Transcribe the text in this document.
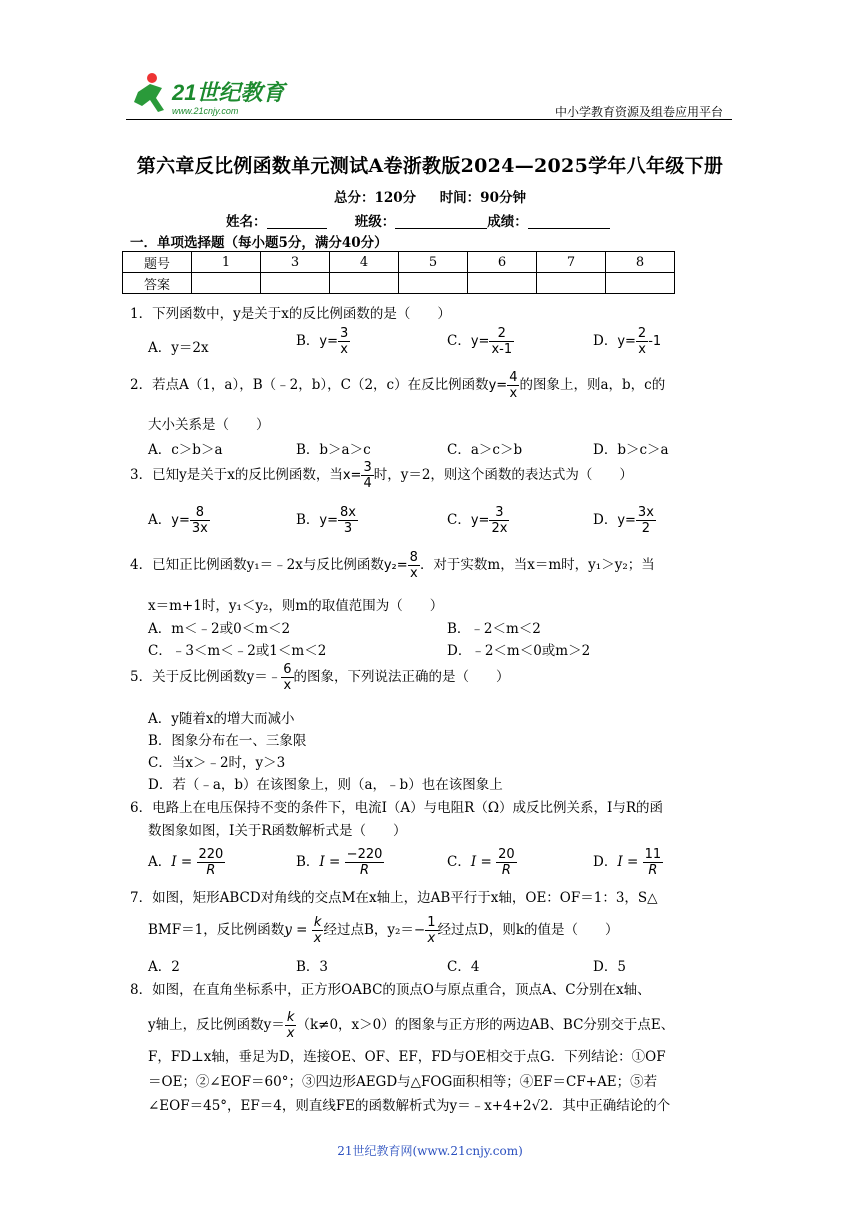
21世纪教育
www.21cnjy.com	中小学教育资源及组卷应用平台
第六章反比例函数单元测试A卷浙教版2024—2025学年八年级下册
总分：120分 时间：90分钟
姓名：	班级：	成绩：
一．单项选择题（每小题5分，满分40分）
题号	1	3	4	5	6	7	8
答案							
1．下列函数中，y是关于x的反比例函数的是（　　）
A．y＝2x	B．$y= \frac{3}{x}$	C．$y= \frac{2}{x-1}$	D．$y= \frac{2}{x} -1$
2．若点A（1，a），B（﹣2，b），C（2，c）在反比例函数$y= \frac{4}{x}$ 的图象上，则a，b，c的
大小关系是（　　）
A．c＞b＞a	B．b＞a＞c	C．a＞c＞b	D．b＞c＞a
3．已知y是关于x的反比例函数，当$x= \frac{3}{4}$ 时，y＝2，则这个函数的表达式为（　　）
A．$y= \frac{8}{3x}$	B．$y= \frac{8x}{3}$	C．$y= \frac{3}{2x}$	D．$y= \frac{3x}{2}$
4．已知正比例函数y₁＝﹣2x与反比例函数$y_2= \frac{8}{x}$ ．对于实数m，当x＝m时，y₁＞y₂；当
x＝m+1时，y₁＜y₂，则m的取值范围为（　　）
A．m＜﹣2或0＜m＜2	B．﹣2＜m＜2
C．﹣3＜m＜﹣2或1＜m＜2	D．﹣2＜m＜0或m＞2
5．关于反比例函数y＝﹣ $\frac{6}{x}$ 的图象，下列说法正确的是（　　）
A．y随着x的增大而减小
B．图象分布在一、三象限
C．当x＞﹣2时，y＞3
D．若（﹣a，b）在该图象上，则（a，﹣b）也在该图象上
6．电路上在电压保持不变的条件下，电流I（A）与电阻R（Ω）成反比例关系，I与R的函
数图象如图，I关于R函数解析式是（　　）
A．$I = \frac{220}{R}$	B．$I = \frac{-220}{R}$	C．$I = \frac{20}{R}$	D．$I = \frac{11}{R}$
7．如图，矩形ABCD对角线的交点M在x轴上，边AB平行于x轴，OE：OF＝1：3，S△
BMF＝1，反比例函数$y = \frac{k}{x}$ 经过点B，$y_2=- \frac{1}{x}$ 经过点D，则k的值是（　　）
A．2	B．3	C．4	D．5
8．如图，在直角坐标系中，正方形OABC的顶点O与原点重合，顶点A、C分别在x轴、
y轴上，反比例函数$y= \frac{k}{x} (k\ne 0$，x＞0）的图象与正方形的两边AB、BC分别交于点E、
F，FD⊥x轴，垂足为D，连接OE、OF、EF，FD与OE相交于点G．下列结论：①OF
＝OE；②∠EOF＝60°；③四边形AEGD与△FOG面积相等；④EF＝CF+AE；⑤若
∠EOF＝45°，EF＝4，则直线FE的函数解析式为y＝﹣x+4+2√2．其中正确结论的个
21世纪教育网(www.21cnjy.com)
